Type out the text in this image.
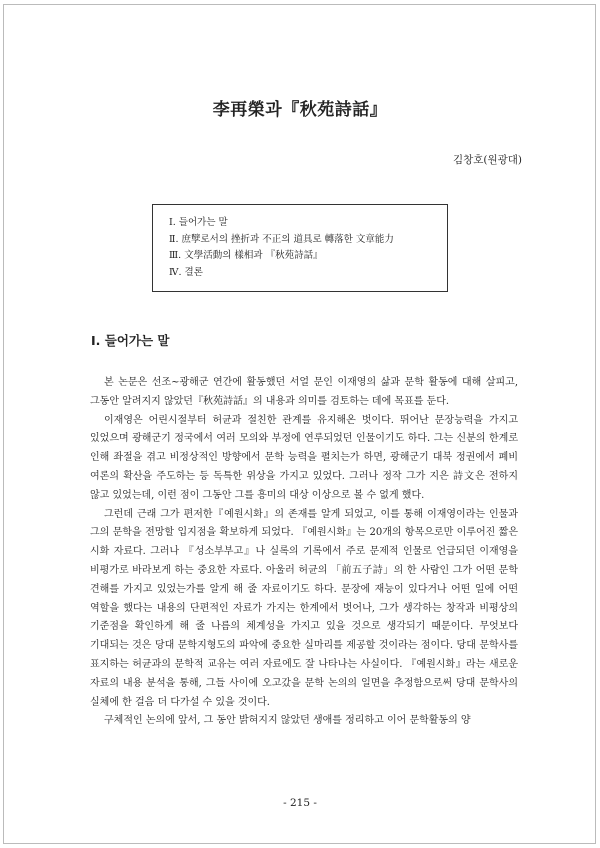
李再榮과『秋苑詩話』
김창호(원광대)
Ⅰ. 들어가는 말
Ⅱ. 庶孼로서의 挫折과 不正의 道具로 轉落한 文章能力
Ⅲ. 文學活動의 樣相과 『秋苑詩話』
Ⅳ. 결론
Ⅰ. 들어가는 말

본 논문은 선조~광해군 연간에 활동했던 서얼 문인 이재영의 삶과 문학 활동에 대해 살피고, 그동안 알려지지 않았던『秋苑詩話』의 내용과 의미를 검토하는 데에 목표를 둔다.

이재영은 어린시절부터 허균과 절친한 관계를 유지해온 벗이다. 뛰어난 문장능력을 가지고 있었으며 광해군기 정국에서 여러 모의와 부정에 연루되었던 인물이기도 하다. 그는 신분의 한계로 인해 좌절을 겪고 비정상적인 방향에서 문학 능력을 펼치는가 하면, 광해군기 대북 정권에서 폐비 여론의 확산을 주도하는 등 독특한 위상을 가지고 있었다. 그러나 정작 그가 지은 詩文은 전하지 않고 있었는데, 이런 점이 그동안 그를 흥미의 대상 이상으로 볼 수 없게 했다.

그런데 근래 그가 편저한『예원시화』의 존재를 알게 되었고, 이를 통해 이재영이라는 인물과 그의 문학을 전망할 입지점을 확보하게 되었다. 『예원시화』는 20개의 항목으로만 이루어진 짧은 시화 자료다. 그러나 『성소부부고』나 실록의 기록에서 주로 문제적 인물로 언급되던 이재영을 비평가로 바라보게 하는 중요한 자료다. 아울러 허균의 「前五子詩」의 한 사람인 그가 어떤 문학 견해를 가지고 있었는가를 알게 해 줄 자료이기도 하다. 문장에 재능이 있다거나 어떤 일에 어떤 역할을 했다는 내용의 단편적인 자료가 가지는 한계에서 벗어나, 그가 생각하는 창작과 비평상의 기준점을 확인하게 해 줄 나름의 체계성을 가지고 있을 것으로 생각되기 때문이다. 무엇보다 기대되는 것은 당대 문학지형도의 파악에 중요한 실마리를 제공할 것이라는 점이다. 당대 문학사를 표지하는 허균과의 문학적 교유는 여러 자료에도 잘 나타나는 사실이다. 『예원시화』라는 새로운 자료의 내용 분석을 통해, 그들 사이에 오고갔을 문학 논의의 일면을 추정함으로써 당대 문학사의 실체에 한 걸음 더 다가설 수 있을 것이다.

구체적인 논의에 앞서, 그 동안 밝혀지지 않았던 생애를 정리하고 이어 문학활동의 양

- 215 -
